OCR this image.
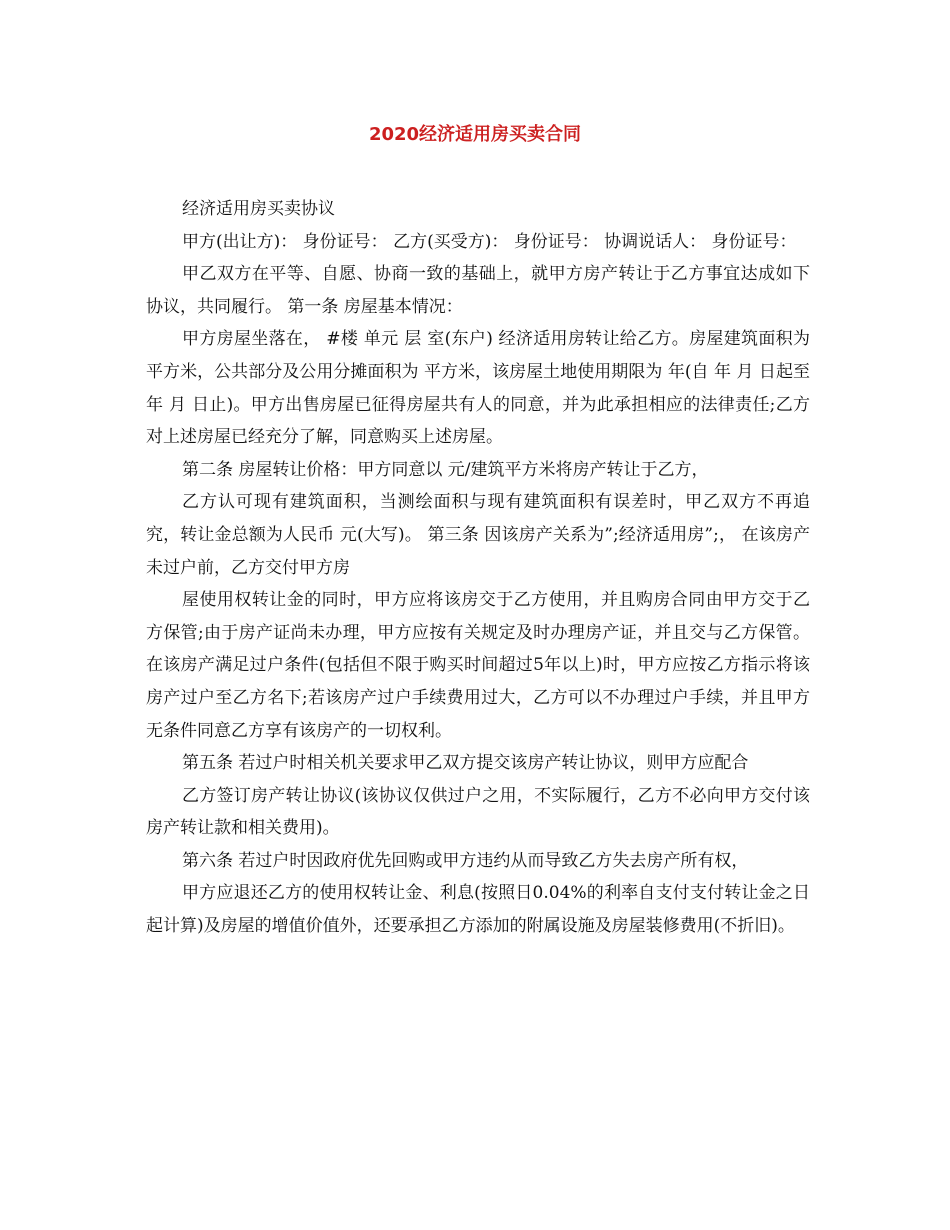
2020经济适用房买卖合同

经济适用房买卖协议

甲方(出让方)： 身份证号： 乙方(买受方)： 身份证号： 协调说话人： 身份证号：

甲乙双方在平等、自愿、协商一致的基础上，就甲方房产转让于乙方事宜达成如下协议，共同履行。 第一条 房屋基本情况：

甲方房屋坐落在， #楼 单元 层 室(东户) 经济适用房转让给乙方。房屋建筑面积为 平方米，公共部分及公用分摊面积为 平方米，该房屋土地使用期限为 年(自 年 月 日起至 年 月 日止)。甲方出售房屋已征得房屋共有人的同意，并为此承担相应的法律责任;乙方对上述房屋已经充分了解，同意购买上述房屋。

第二条 房屋转让价格：甲方同意以 元/建筑平方米将房产转让于乙方，

乙方认可现有建筑面积，当测绘面积与现有建筑面积有误差时，甲乙双方不再追究，转让金总额为人民币 元(大写)。 第三条 因该房产关系为”;经济适用房”;， 在该房产未过户前，乙方交付甲方房

屋使用权转让金的同时，甲方应将该房交于乙方使用，并且购房合同由甲方交于乙方保管;由于房产证尚未办理，甲方应按有关规定及时办理房产证，并且交与乙方保管。在该房产满足过户条件(包括但不限于购买时间超过5年以上)时，甲方应按乙方指示将该房产过户至乙方名下;若该房产过户手续费用过大，乙方可以不办理过户手续，并且甲方无条件同意乙方享有该房产的一切权利。

第五条 若过户时相关机关要求甲乙双方提交该房产转让协议，则甲方应配合

乙方签订房产转让协议(该协议仅供过户之用，不实际履行，乙方不必向甲方交付该房产转让款和相关费用)。

第六条 若过户时因政府优先回购或甲方违约从而导致乙方失去房产所有权，

甲方应退还乙方的使用权转让金、利息(按照日0.04%的利率自支付支付转让金之日起计算)及房屋的增值价值外，还要承担乙方添加的附属设施及房屋装修费用(不折旧)。
